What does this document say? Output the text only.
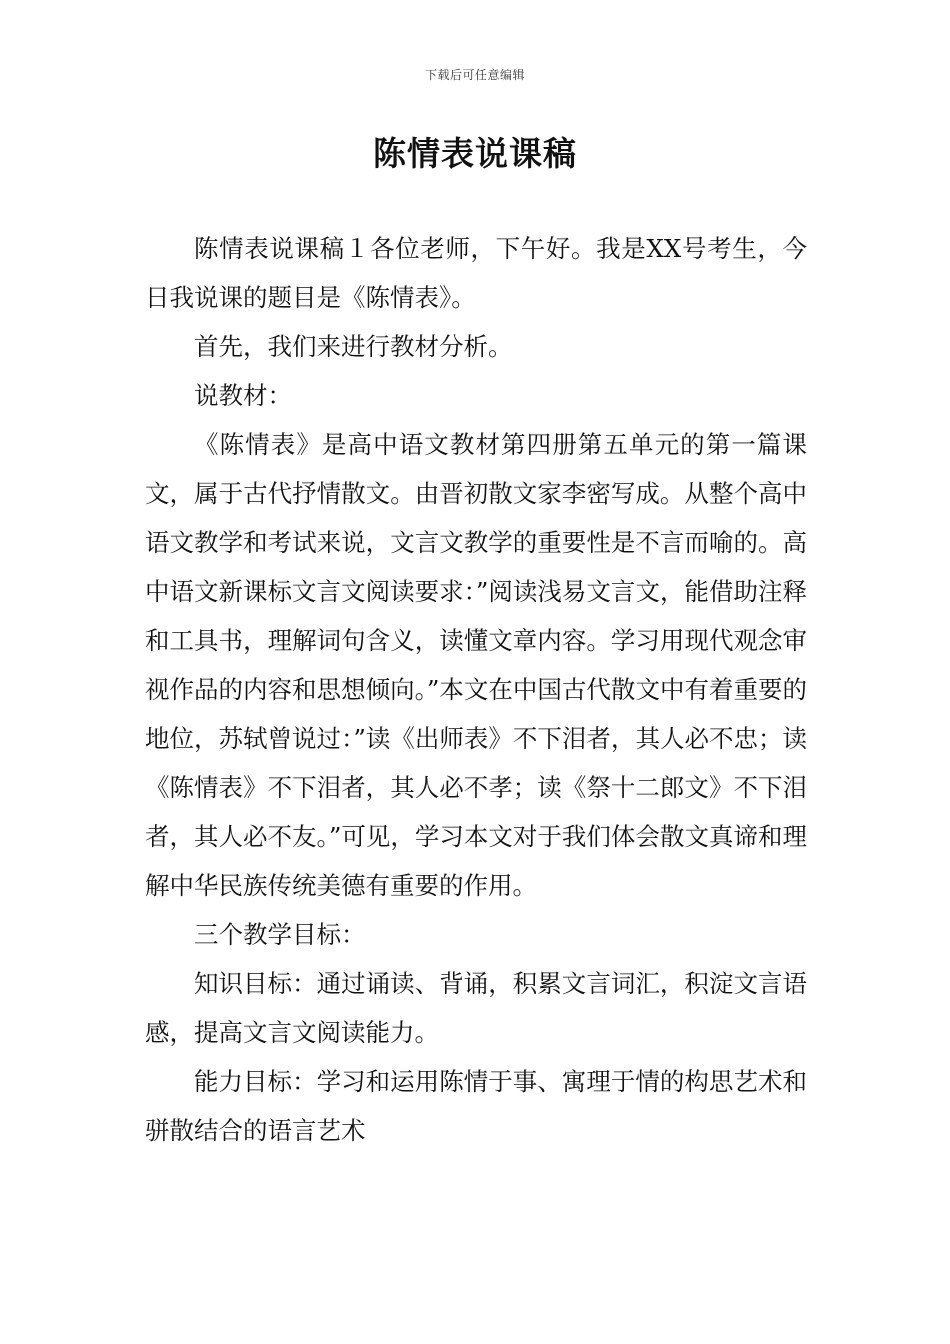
下载后可任意编辑
陈情表说课稿

陈情表说课稿１各位老师，下午好。我是XX号考生，今日我说课的题目是《陈情表》。

首先，我们来进行教材分析。

说教材：

《陈情表》是高中语文教材第四册第五单元的第一篇课文，属于古代抒情散文。由晋初散文家李密写成。从整个高中语文教学和考试来说，文言文教学的重要性是不言而喻的。高中语文新课标文言文阅读要求：”阅读浅易文言文，能借助注释和工具书，理解词句含义，读懂文章内容。学习用现代观念审视作品的内容和思想倾向。”本文在中国古代散文中有着重要的地位，苏轼曾说过：”读《出师表》不下泪者，其人必不忠；读《陈情表》不下泪者，其人必不孝；读《祭十二郎文》不下泪者，其人必不友。”可见，学习本文对于我们体会散文真谛和理解中华民族传统美德有重要的作用。

三个教学目标：

知识目标：通过诵读、背诵，积累文言词汇，积淀文言语感，提高文言文阅读能力。

能力目标：学习和运用陈情于事、寓理于情的构思艺术和骈散结合的语言艺术
